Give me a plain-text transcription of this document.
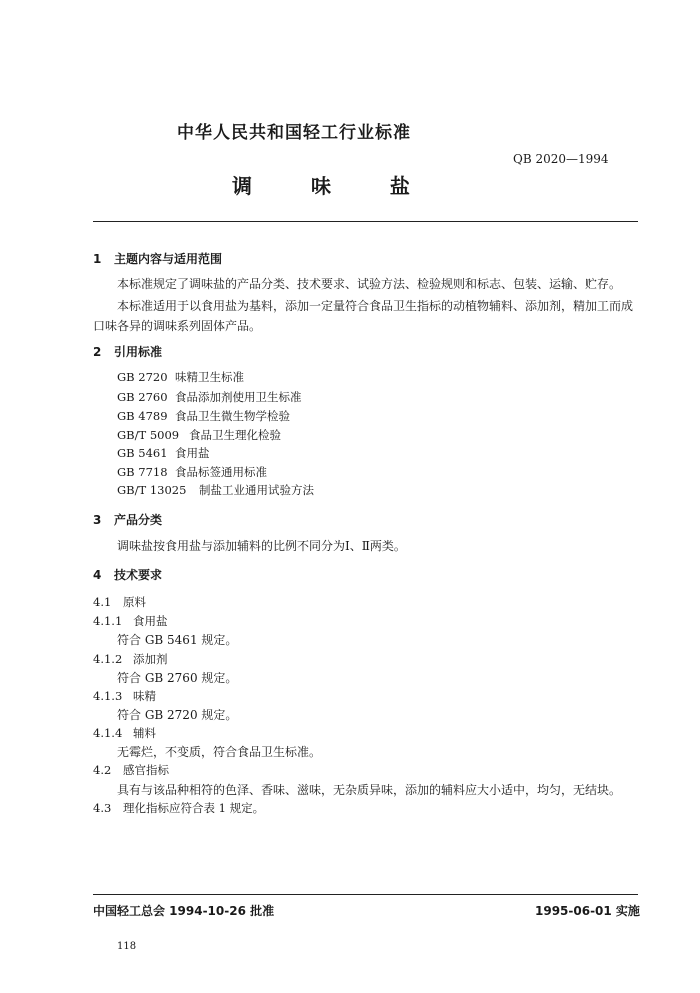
中华人民共和国轻工行业标准
QB 2020—1994
调 味 盐
1 主题内容与适用范围
本标准规定了调味盐的产品分类、技术要求、试验方法、检验规则和标志、包装、运输、贮存。
本标准适用于以食用盐为基料，添加一定量符合食品卫生指标的动植物辅料、添加剂，精加工而成
口味各异的调味系列固体产品。
2 引用标准
GB 2720 味精卫生标准
GB 2760 食品添加剂使用卫生标准
GB 4789 食品卫生微生物学检验
GB/T 5009 食品卫生理化检验
GB 5461 食用盐
GB 7718 食品标签通用标准
GB/T 13025 制盐工业通用试验方法
3 产品分类
调味盐按食用盐与添加辅料的比例不同分为Ⅰ、Ⅱ两类。
4 技术要求
4.1 原料
4.1.1 食用盐
符合 GB 5461 规定。
4.1.2 添加剂
符合 GB 2760 规定。
4.1.3 味精
符合 GB 2720 规定。
4.1.4 辅料
无霉烂，不变质，符合食品卫生标准。
4.2 感官指标
具有与该品种相符的色泽、香味、滋味，无杂质异味，添加的辅料应大小适中，均匀，无结块。
4.3 理化指标应符合表 1 规定。
中国轻工总会 1994-10-26 批准	1995-06-01 实施
118
